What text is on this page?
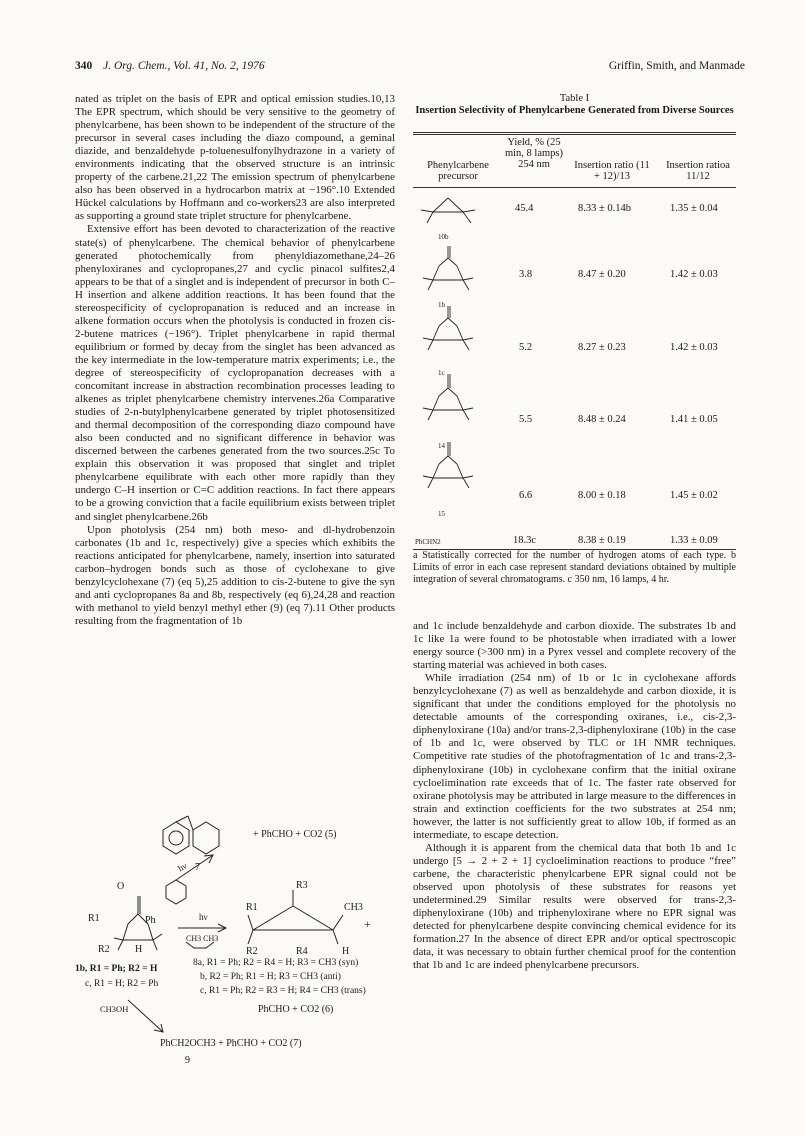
340 J. Org. Chem., Vol. 41, No. 2, 1976	Griffin, Smith, and Manmade

nated as triplet on the basis of EPR and optical emission studies.10,13 The EPR spectrum, which should be very sensitive to the geometry of phenylcarbene, has been shown to be independent of the structure of the precursor in several cases including the diazo compound, a geminal diazide, and benzaldehyde p-toluenesulfonylhydrazone in a variety of environments indicating that the observed structure is an intrinsic property of the carbene.21,22 The emission spectrum of phenylcarbene also has been observed in a hydrocarbon matrix at −196°.10 Extended Hückel calculations by Hoffmann and co-workers23 are also interpreted as supporting a ground state triplet structure for phenylcarbene.

Extensive effort has been devoted to characterization of the reactive state(s) of phenylcarbene. The chemical behavior of phenylcarbene generated photochemically from phenyldiazomethane,24–26 phenyloxiranes and cyclopropanes,27 and cyclic pinacol sulfites2,4 appears to be that of a singlet and is independent of precursor in both C–H insertion and alkene addition reactions. It has been found that the stereospecificity of cyclopropanation is reduced and an increase in alkene formation occurs when the photolysis is conducted in frozen cis-2-butene matrices (−196°). Triplet phenylcarbene in rapid thermal equilibrium or formed by decay from the singlet has been advanced as the key intermediate in the low-temperature matrix experiments; i.e., the degree of stereospecificity of cyclopropanation decreases with a concomitant increase in abstraction recombination processes leading to alkenes as triplet phenylcarbene chemistry intervenes.26a Comparative studies of 2-n-butylphenylcarbene generated by triplet photosensitized and thermal decomposition of the corresponding diazo compound have also been conducted and no significant difference in behavior was discerned between the carbenes generated from the two sources.25c To explain this observation it was proposed that singlet and triplet phenylcarbene equilibrate with each other more rapidly than they undergo C–H insertion or C=C addition reactions. In fact there appears to be a growing conviction that a facile equilibrium exists between triplet and singlet phenylcarbene.26b

Upon photolysis (254 nm) both meso- and dl-hydrobenzoin carbonates (1b and 1c, respectively) give a species which exhibits the reactions anticipated for phenylcarbene, namely, insertion into saturated carbon–hydrogen bonds such as those of cyclohexane to give benzylcyclohexane (7) (eq 5),25 addition to cis-2-butene to give the syn and anti cyclopropanes 8a and 8b, respectively (eq 6),24,28 and reaction with methanol to yield benzyl methyl ether (9) (eq 7).11 Other products resulting from the fragmentation of 1b

Table I
Insertion Selectivity of Phenylcarbene Generated from Diverse Sources
Phenylcarbene precursor
Yield, % (25 min, 8 lamps) 254 nm	Insertion ratio (11 + 12)/13
Insertion ratioa 11/12
10b
1b
1c
14
15
PhCHN2
45.4	8.33 ± 0.14b	1.35 ± 0.04
3.8	8.47 ± 0.20	1.42 ± 0.03
5.2	8.27 ± 0.23	1.42 ± 0.03
5.5	8.48 ± 0.24	1.41 ± 0.05
6.6	8.00 ± 0.18	1.45 ± 0.02
18.3c	8.38 ± 0.19	1.33 ± 0.09
a Statistically corrected for the number of hydrogen atoms of each type. b Limits of error in each case represent standard deviations obtained by multiple integration of several chromatograms. c 350 nm, 16 lamps, 4 hr.

and 1c include benzaldehyde and carbon dioxide. The substrates 1b and 1c like 1a were found to be photostable when irradiated with a lower energy source (>300 nm) in a Pyrex vessel and complete recovery of the starting material was achieved in both cases.

While irradiation (254 nm) of 1b or 1c in cyclohexane affords benzylcyclohexane (7) as well as benzaldehyde and carbon dioxide, it is significant that under the conditions employed for the photolysis no detectable amounts of the corresponding oxiranes, i.e., cis-2,3-diphenyloxirane (10a) and/or trans-2,3-diphenyloxirane (10b) in the case of 1b and 1c, were observed by TLC or 1H NMR techniques. Competitive rate studies of the photofragmentation of 1c and trans-2,3-diphenyloxirane (10b) in cyclohexane confirm that the initial oxirane cycloelimination rate exceeds that of 1c. The faster rate observed for oxirane photolysis may be attributed in large measure to the differences in strain and extinction coefficients for the two substrates at 254 nm; however, the latter is not sufficiently great to allow 10b, if formed as an intermediate, to escape detection.

Although it is apparent from the chemical data that both 1b and 1c undergo [5 → 2 + 2 + 1] cycloelimination reactions to produce “free” carbene, the characteristic phenylcarbene EPR signal could not be observed upon photolysis of these substrates for reasons yet undetermined.29 Similar results were observed for trans-2,3-diphenyloxirane (10b) and triphenyloxirane where no EPR signal was detected for phenylcarbene despite convincing chemical evidence for its formation.27 In the absence of direct EPR and/or optical spectroscopic data, it was necessary to obtain further chemical proof for the contention that 1b and 1c are indeed phenylcarbene precursors.

+ PhCHO + CO2 (5)
7
hν
O
R1	Ph
R2	H
hν
CH3 CH3
R3
R1	CH3
+
R2	R4	H
1b, R1 = Ph; R2 = H
c, R1 = H; R2 = Ph
8a, R1 = Ph; R2 = R4 = H; R3 = CH3 (syn)
b, R2 = Ph; R1 = H; R3 = CH3 (anti)
c, R1 = Ph; R2 = R3 = H; R4 = CH3 (trans)
CH3OH	PhCHO + CO2 (6)
PhCH2OCH3 + PhCHO + CO2 (7)
9
